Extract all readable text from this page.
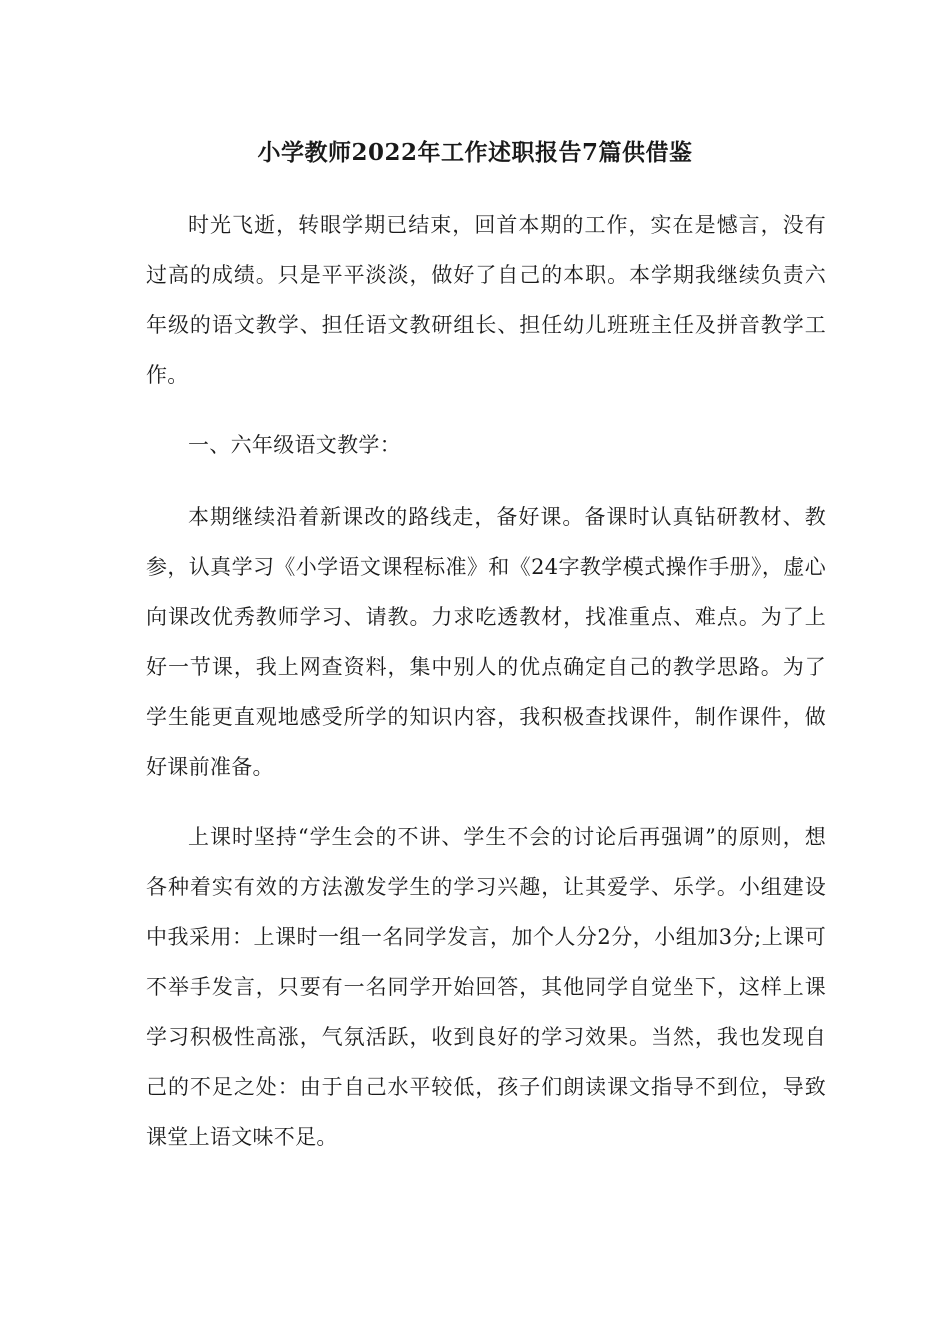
小学教师2022年工作述职报告7篇供借鉴

时光飞逝，转眼学期已结束，回首本期的工作，实在是憾言，没有过高的成绩。只是平平淡淡，做好了自己的本职。本学期我继续负责六年级的语文教学、担任语文教研组长、担任幼儿班班主任及拼音教学工作。

一、六年级语文教学：

本期继续沿着新课改的路线走，备好课。备课时认真钻研教材、教参，认真学习《小学语文课程标准》和《24字教学模式操作手册》，虚心向课改优秀教师学习、请教。力求吃透教材，找准重点、难点。为了上好一节课，我上网查资料，集中别人的优点确定自己的教学思路。为了学生能更直观地感受所学的知识内容，我积极查找课件，制作课件，做好课前准备。

上课时坚持“学生会的不讲、学生不会的讨论后再强调”的原则，想各种着实有效的方法激发学生的学习兴趣，让其爱学、乐学。小组建设中我采用：上课时一组一名同学发言，加个人分2分，小组加3分;上课可不举手发言，只要有一名同学开始回答，其他同学自觉坐下，这样上课学习积极性高涨，气氛活跃，收到良好的学习效果。当然，我也发现自己的不足之处：由于自己水平较低，孩子们朗读课文指导不到位，导致课堂上语文味不足。
